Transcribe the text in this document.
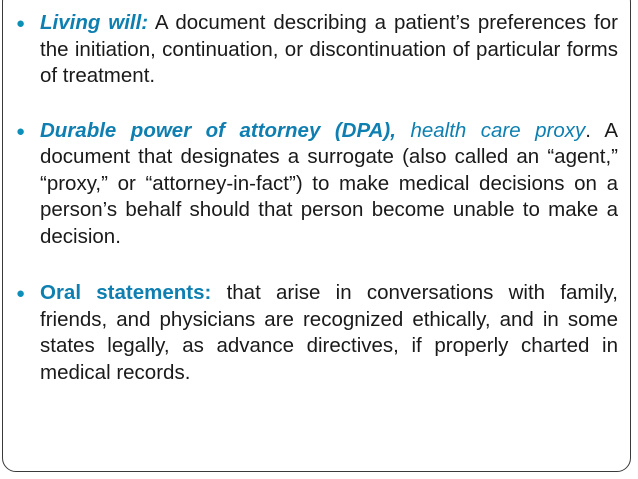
● Living will: A document describing a patient’s preferences for the initiation, continuation, or discontinuation of particular forms of treatment.
● Durable power of attorney (DPA), health care proxy. A document that designates a surrogate (also called an “agent,” “proxy,” or “attorney-in-fact”) to make medical decisions on a person’s behalf should that person become unable to make a decision.
● Oral statements: that arise in conversations with family, friends, and physicians are recognized ethically, and in some states legally, as advance directives, if properly charted in medical records.
